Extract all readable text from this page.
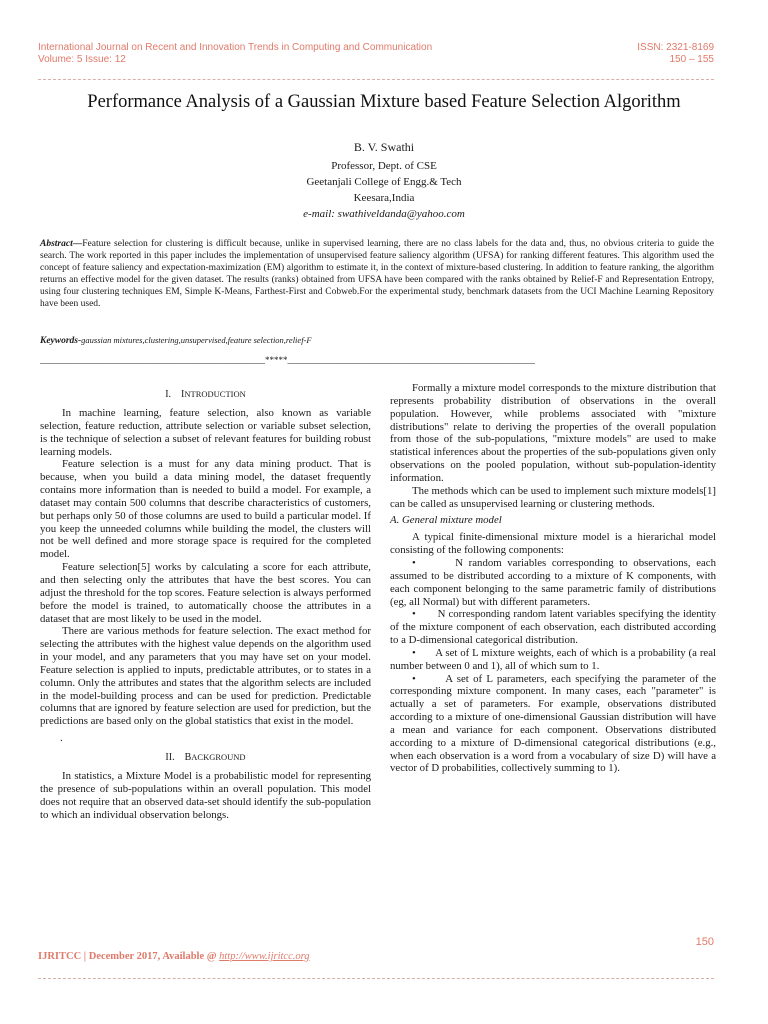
International Journal on Recent and Innovation Trends in Computing and Communication
Volume: 5 Issue: 12
ISSN: 2321-8169
150 – 155
Performance Analysis of a Gaussian Mixture based Feature Selection Algorithm
B. V. Swathi
Professor, Dept. of CSE
Geetanjali College of Engg.& Tech
Keesara,India
e-mail: swathiveldanda@yahoo.com
Abstract—Feature selection for clustering is difficult because, unlike in supervised learning, there are no class labels for the data and, thus, no obvious criteria to guide the search. The work reported in this paper includes the implementation of unsupervised feature saliency algorithm (UFSA) for ranking different features. This algorithm used the concept of feature saliency and expectation-maximization (EM) algorithm to estimate it, in the context of mixture-based clustering. In addition to feature ranking, the algorithm returns an effective model for the given dataset. The results (ranks) obtained from UFSA have been compared with the ranks obtained by Relief-F and Representation Entropy, using four clustering techniques EM, Simple K-Means, Farthest-First and Cobweb.For the experimental study, benchmark datasets from the UCI Machine Learning Repository have been used.
Keywords-gaussian mixtures,clustering,unsupervised,feature selection,relief-F
__________________________________________________*****_______________________________________________________
I. INTRODUCTION

In machine learning, feature selection, also known as variable selection, feature reduction, attribute selection or variable subset selection, is the technique of selection a subset of relevant features for building robust learning models.

Feature selection is a must for any data mining product. That is because, when you build a data mining model, the dataset frequently contains more information than is needed to build a model. For example, a dataset may contain 500 columns that describe characteristics of customers, but perhaps only 50 of those columns are used to build a particular model. If you keep the unneeded columns while building the model, the clusters will not be well defined and more storage space is required for the completed model.

Feature selection[5] works by calculating a score for each attribute, and then selecting only the attributes that have the best scores. You can adjust the threshold for the top scores. Feature selection is always performed before the model is trained, to automatically choose the attributes in a dataset that are most likely to be used in the model.

There are various methods for feature selection. The exact method for selecting the attributes with the highest value depends on the algorithm used in your model, and any parameters that you may have set on your model. Feature selection is applied to inputs, predictable attributes, or to states in a column. Only the attributes and states that the algorithm selects are included in the model-building process and can be used for prediction. Predictable columns that are ignored by feature selection are used for prediction, but the predictions are based only on the global statistics that exist in the model.

.
II. BACKGROUND

In statistics, a Mixture Model is a probabilistic model for representing the presence of sub-populations within an overall population. This model does not require that an observed data-set should identify the sub-population to which an individual observation belongs.

Formally a mixture model corresponds to the mixture distribution that represents probability distribution of observations in the overall population. However, while problems associated with "mixture distributions" relate to deriving the properties of the overall population from those of the sub-populations, "mixture models" are used to make statistical inferences about the properties of the sub-populations given only observations on the pooled population, without sub-population-identity information.

The methods which can be used to implement such mixture models[1] can be called as unsupervised learning or clustering methods.

A. General mixture model

A typical finite-dimensional mixture model is a hierarichal model consisting of the following components:

•       N random variables corresponding to observations, each assumed to be distributed according to a mixture of K components, with each component belonging to the same parametric family of distributions (eg, all Normal) but with different parameters.

•       N corresponding random latent variables specifying the identity of the mixture component of each observation, each distributed according to a D-dimensional categorical distribution.

•       A set of L mixture weights, each of which is a probability (a real number between 0 and 1), all of which sum to 1.

•       A set of L parameters, each specifying the parameter of the corresponding mixture component. In many cases, each "parameter" is actually a set of parameters. For example, observations distributed according to a mixture of one-dimensional Gaussian distribution will have a mean and variance for each component. Observations distributed according to a mixture of D-dimensional categorical distributions (e.g., when each observation is a word from a vocabulary of size D) will have a vector of D probabilities, collectively summing to 1).

150
IJRITCC | December 2017, Available @ http://www.ijritcc.org
